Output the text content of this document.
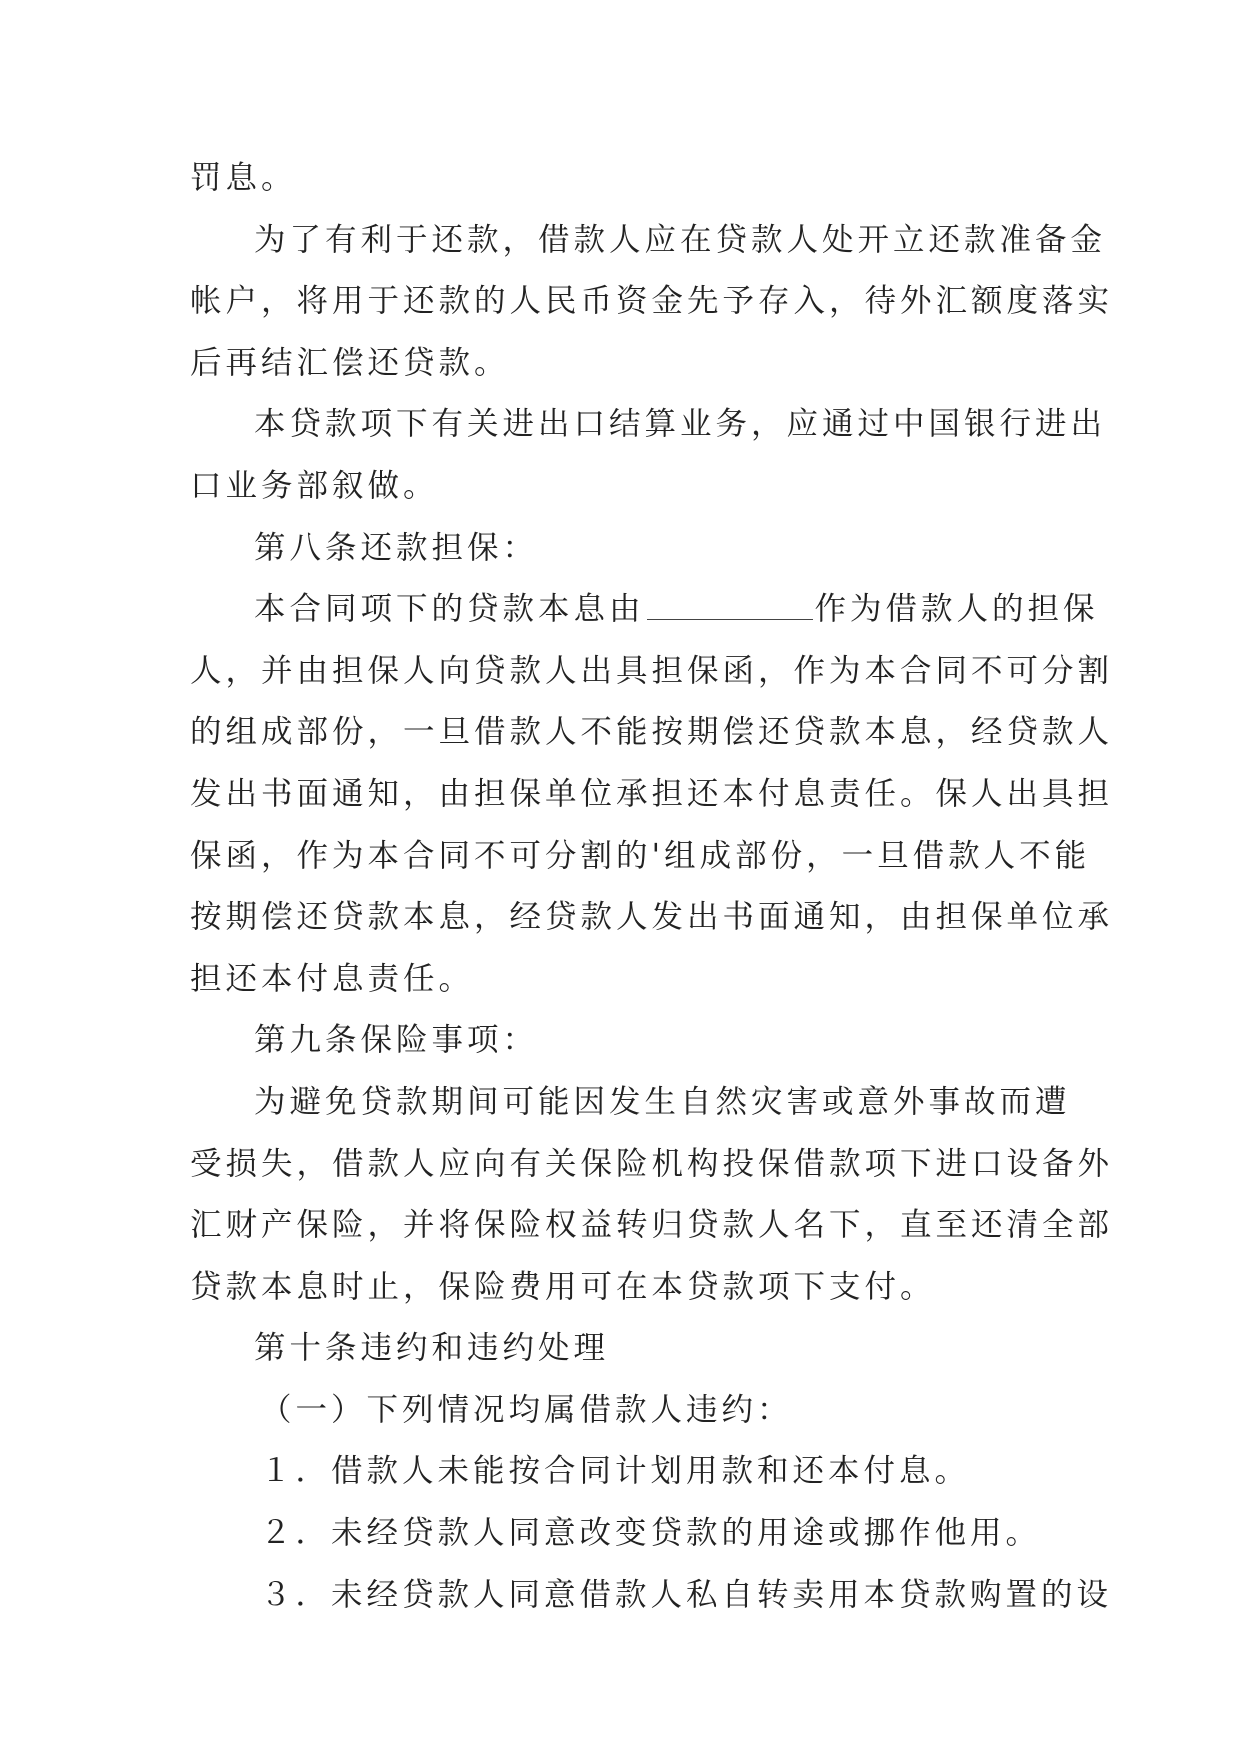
罚息。

为了有利于还款，借款人应在贷款人处开立还款准备金

帐户，将用于还款的人民币资金先予存入，待外汇额度落实

后再结汇偿还贷款。

本贷款项下有关进出口结算业务，应通过中国银行进出

口业务部叙做。

第八条还款担保：

本合同项下的贷款本息由	作为借款人的担保

人，并由担保人向贷款人出具担保函，作为本合同不可分割

的组成部份，一旦借款人不能按期偿还贷款本息，经贷款人

发出书面通知，由担保单位承担还本付息责任。保人出具担

保函，作为本合同不可分割的'组成部份，一旦借款人不能

按期偿还贷款本息，经贷款人发出书面通知，由担保单位承

担还本付息责任。

第九条保险事项：

为避免贷款期间可能因发生自然灾害或意外事故而遭

受损失，借款人应向有关保险机构投保借款项下进口设备外

汇财产保险，并将保险权益转归贷款人名下，直至还清全部

贷款本息时止，保险费用可在本贷款项下支付。

第十条违约和违约处理

（一）下列情况均属借款人违约：

１．借款人未能按合同计划用款和还本付息。

２．未经贷款人同意改变贷款的用途或挪作他用。

３．未经贷款人同意借款人私自转卖用本贷款购置的设
